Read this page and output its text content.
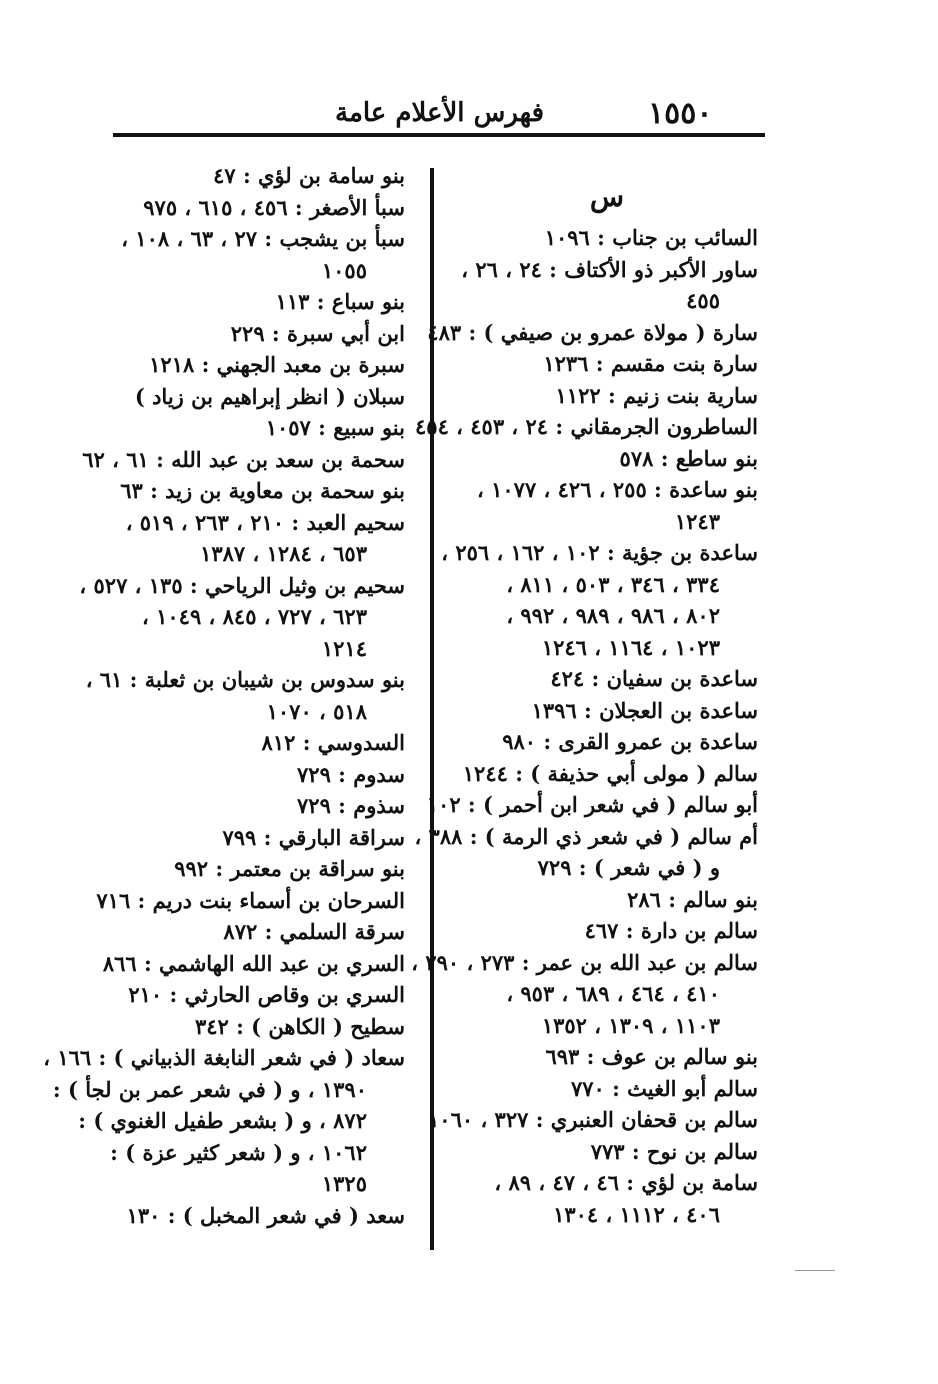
١٥٥٠
فهرس الأعلام عامة
س
السائب بن جناب : ١٠٩٦
ساور الأكبر ذو الأكتاف : ٢٤ ، ٢٦ ،
٤٥٥
سارة ( مولاة عمرو بن صيفي ) : ٤٨٣
سارة بنت مقسم : ١٢٣٦
سارية بنت زنيم : ١١٢٢
الساطرون الجرمقاني : ٢٤ ، ٤٥٣ ، ٤٥٤
بنو ساطع : ٥٧٨
بنو ساعدة : ٢٥٥ ، ٤٢٦ ، ١٠٧٧ ،
١٢٤٣
ساعدة بن جؤية : ١٠٢ ، ١٦٢ ، ٢٥٦ ،
٣٣٤ ، ٣٤٦ ، ٥٠٣ ، ٨١١ ،
٨٠٢ ، ٩٨٦ ، ٩٨٩ ، ٩٩٢ ،
١٠٢٣ ، ١١٦٤ ، ١٢٤٦
ساعدة بن سفيان : ٤٢٤
ساعدة بن العجلان : ١٣٩٦
ساعدة بن عمرو القرى : ٩٨٠
سالم ( مولى أبي حذيفة ) : ١٢٤٤
أبو سالم ( في شعر ابن أحمر ) : ١٠٢
أم سالم ( في شعر ذي الرمة ) : ٣٨٨ ،
و ( في شعر ) : ٧٢٩
بنو سالم : ٢٨٦
سالم بن دارة : ٤٦٧
سالم بن عبد الله بن عمر : ٢٧٣ ، ٢٩٠ ،
٤١٠ ، ٤٦٤ ، ٦٨٩ ، ٩٥٣ ،
١١٠٣ ، ١٣٠٩ ، ١٣٥٢
بنو سالم بن عوف : ٦٩٣
سالم أبو الغيث : ٧٧٠
سالم بن قحفان العنبري : ٣٢٧ ، ١٠٦٠
سالم بن نوح : ٧٧٣
سامة بن لؤي : ٤٦ ، ٤٧ ، ٨٩ ،
٤٠٦ ، ١١١٢ ، ١٣٠٤
بنو سامة بن لؤي : ٤٧
سبأ الأصغر : ٤٥٦ ، ٦١٥ ، ٩٧٥
سبأ بن يشجب : ٢٧ ، ٦٣ ، ١٠٨ ،
١٠٥٥
بنو سباع : ١١٣
ابن أبي سبرة : ٢٢٩
سبرة بن معبد الجهني : ١٢١٨
سبلان ( انظر إبراهيم بن زياد )
بنو سبيع : ١٠٥٧
سحمة بن سعد بن عبد الله : ٦١ ، ٦٢
بنو سحمة بن معاوية بن زيد : ٦٣
سحيم العبد : ٢١٠ ، ٢٦٣ ، ٥١٩ ،
٦٥٣ ، ١٢٨٤ ، ١٣٨٧
سحيم بن وثيل الرياحي : ١٣٥ ، ٥٢٧ ،
٦٢٣ ، ٧٢٧ ، ٨٤٥ ، ١٠٤٩ ،
١٢١٤
بنو سدوس بن شيبان بن ثعلبة : ٦١ ،
٥١٨ ، ١٠٧٠
السدوسي : ٨١٢
سدوم : ٧٢٩
سذوم : ٧٢٩
سراقة البارقي : ٧٩٩
بنو سراقة بن معتمر : ٩٩٢
السرحان بن أسماء بنت دريم : ٧١٦
سرقة السلمي : ٨٧٢
السري بن عبد الله الهاشمي : ٨٦٦
السري بن وقاص الحارثي : ٢١٠
سطيح ( الكاهن ) : ٣٤٢
سعاد ( في شعر النابغة الذبياني ) : ١٦٦ ،
١٣٩٠ ، و ( في شعر عمر بن لجأ ) :
٨٧٢ ، و ( بشعر طفيل الغنوي ) :
١٠٦٢ ، و ( شعر كثير عزة ) :
١٣٢٥
سعد ( في شعر المخبل ) : ١٣٠
